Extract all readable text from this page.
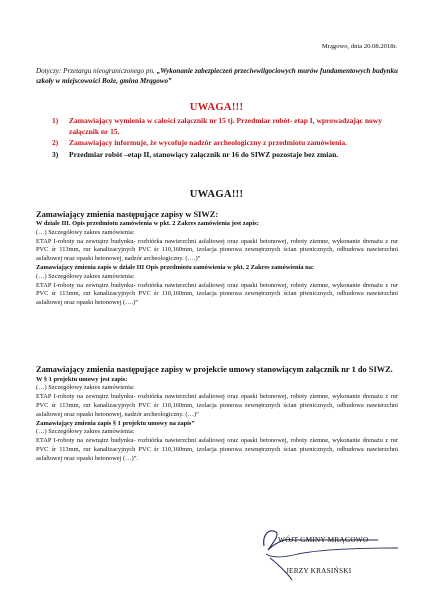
Mrągowo, dnia 20.08.2018r.
Dotyczy: Przetargu nieograniczonego pn. „Wykonanie zabezpieczeń przeciwwilgociowych murów fundamentowych budynku szkoły w miejscowości Boże, gmina Mrągowo”
UWAGA!!!
1) Zamawiający wymienia w całości załącznik nr 15 tj. Przedmiar robót- etap I, wprowadzając nowy załącznik nr 15.
2) Zamawiający informuje, że wycofuje nadzór archeologiczny z przedmiotu zamówienia.
3) Przedmiar robót –etap II, stanowiący załącznik nr 16 do SIWZ pozostaje bez zmian.
UWAGA!!!

Zamawiający zmienia następujące zapisy w SIWZ:

W dziale III. Opis przedmiotu zamówienia w pkt. 2 Zakres zamówienia jest zapis:

(…) Szczegółowy zakres zamówienia:

ETAP I-roboty na zewnątrz budynku- rozbiórka nawierzchni asfaltowej oraz opaski betonowej, roboty ziemne, wykonanie drenażu z rur PVC śr 113mm, rur kanalizacyjnych PVC śr 110,160mm, izolacja pionowa zewnętrznych ścian piwnicznych, odbudowa nawierzchni asfaltowej oraz opaski betonowej, nadzór archeologiczny. (….)”

Zamawiający zmienia zapis w dziale III Opis przedmiotu zamówienia w pkt. 2 Zakres zamówienia na:

(…) Szczegółowy zakres zamówienia:

ETAP I-roboty na zewnątrz budynku- rozbiórka nawierzchni asfaltowej oraz opaski betonowej, roboty ziemne, wykonanie drenażu z rur PVC śr 113mm, rur kanalizacyjnych PVC śr 110,160mm, izolacja pionowa zewnętrznych ścian piwnicznych, odbudowa nawierzchni asfaltowej oraz opaski betonowej (….)”

Zamawiający zmienia następujące zapisy w projekcie umowy stanowiącym załącznik nr 1 do SIWZ.

W § 1 projektu umowy jest zapis:

(…) Szczegółowy zakres zamówienia:

ETAP I-roboty na zewnątrz budynku- rozbiórka nawierzchni asfaltowej oraz opaski betonowej, roboty ziemne, wykonanie drenażu z rur PVC śr 113mm, rur kanalizacyjnych PVC śr 110,160mm, izolacja pionowa zewnętrznych ścian piwnicznych, odbudowa nawierzchni asfaltowej oraz opaski betonowej, nadzór archeologiczny. (…)”

Zamawiający zmienia zapis § 1 projektu umowy na zapis”

(…) Szczegółowy zakres zamówienia:

ETAP I-roboty na zewnątrz budynku- rozbiórka nawierzchni asfaltowej oraz opaski betonowej, roboty ziemne, wykonanie drenażu z rur PVC śr 113mm, rur kanalizacyjnych PVC śr 110,160mm, izolacja pionowa zewnętrznych ścian piwnicznych, odbudowa nawierzchni asfaltowej oraz opaski betonowej (…)”.

WÓJT GMINY MRĄGOWO
JERZY KRASIŃSKI
